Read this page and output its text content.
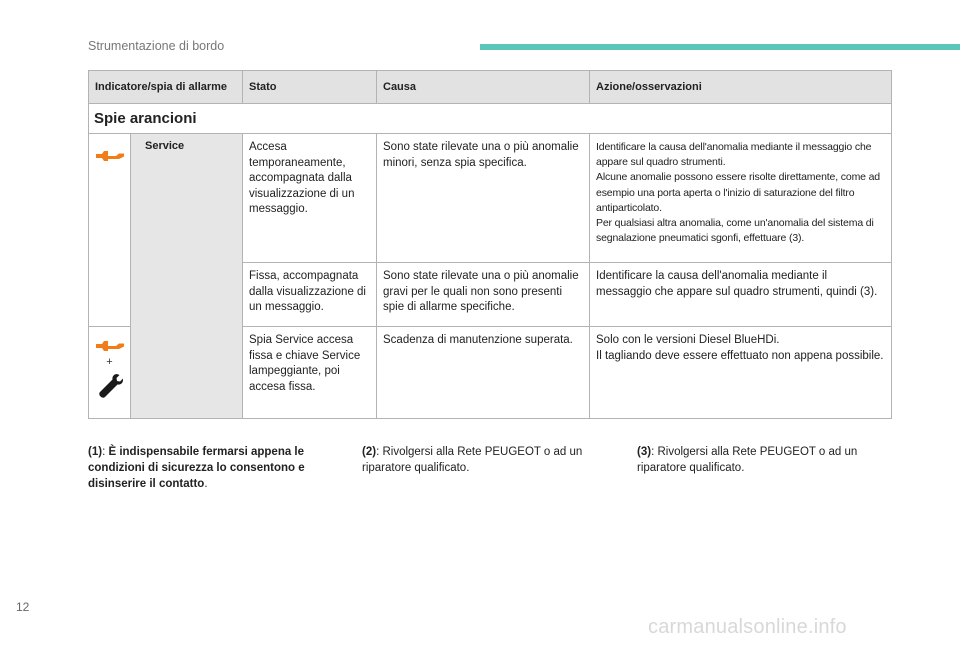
Strumentazione di bordo
Indicatore/spia di allarme		Stato	Causa	Azione/osservazioni
Spie arancioni				

	Service	Accesa temporaneamente, accompagnata dalla visualizzazione di un messaggio.	Sono state rilevate una o più anomalie minori, senza spia specifica.	Identificare la causa dell'anomalia mediante il messaggio che appare sul quadro strumenti.
Alcune anomalie possono essere risolte direttamente, come ad esempio una porta aperta o l'inizio di saturazione del filtro antiparticolato.
Per qualsiasi altra anomalia, come un'anomalia del sistema di segnalazione pneumatici sgonfi, effettuare (3).

		Fissa, accompagnata dalla visualizzazione di un messaggio.	Sono state rilevate una o più anomalie gravi per le quali non sono presenti spie di allarme specifiche.	Identificare la causa dell'anomalia mediante il messaggio che appare sul quadro strumenti, quindi (3).

+		Spia Service accesa fissa e chiave Service lampeggiante, poi accesa fissa.	Scadenza di manutenzione superata.	Solo con le versioni Diesel BlueHDi.
Il tagliando deve essere effettuato non appena possibile.
(1): È indispensabile fermarsi appena le condizioni di sicurezza lo consentono e disinserire il contatto.
(2): Rivolgersi alla Rete PEUGEOT o ad un riparatore qualificato.
(3): Rivolgersi alla Rete PEUGEOT o ad un riparatore qualificato.
12
carmanualsonline.info
